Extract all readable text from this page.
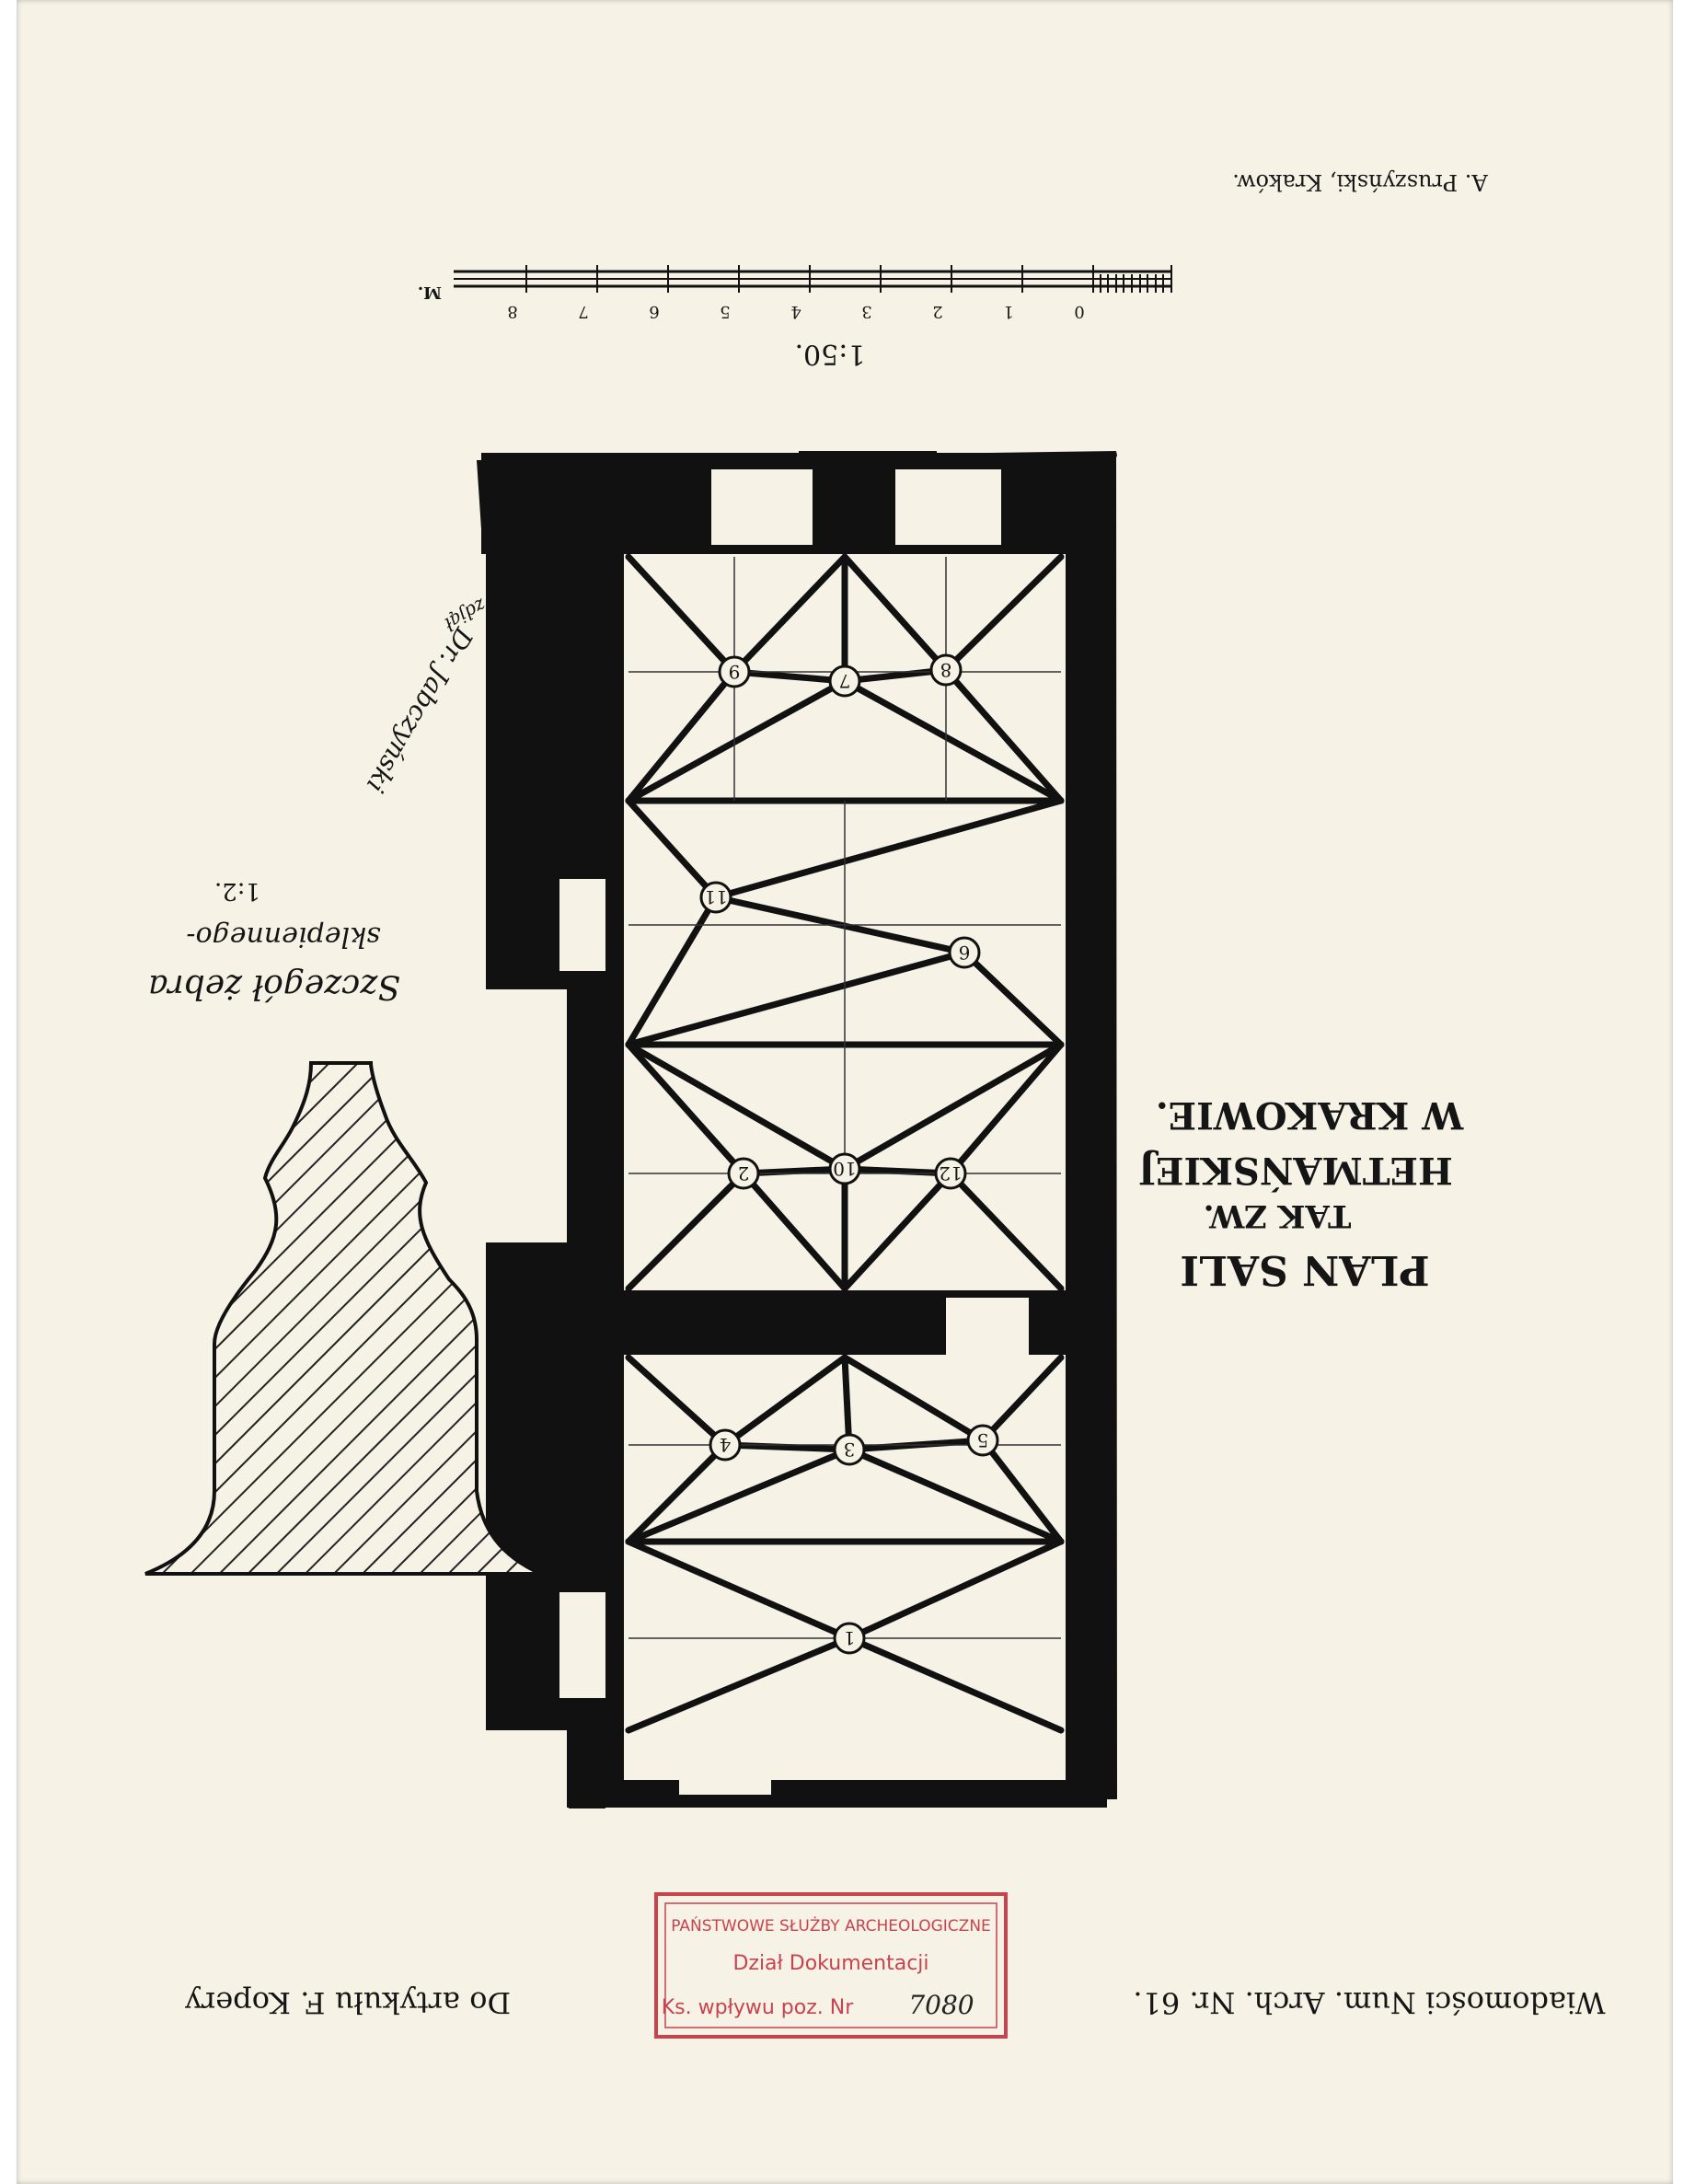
9	7	8
11
6
2	10	12
4	3	5
1
0
1
2
3
4
5
6
7
8
M.
1:50.
A. Pruszyński, Kraków.
PLAN SALI
TAK ZW.
HETMAŃSKIEJ
W KRAKOWIE.
Szczegół żebra
sklepiennego-
1:2.
Dr. Jabczyński
zdjął
Wiadomości Num. Arch. Nr. 61.
Do artykułu F. Kopery
PAŃSTWOWE SŁUŻBY ARCHEOLOGICZNE
Dział Dokumentacji
Ks. wpływu poz. Nr 7080
